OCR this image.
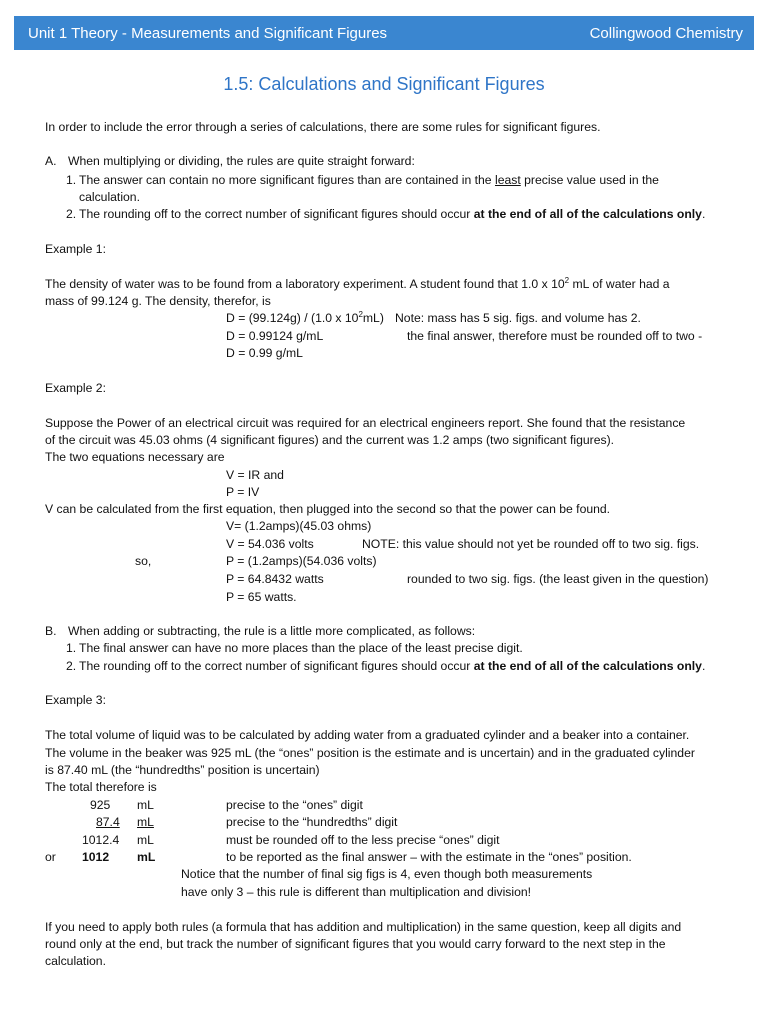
Unit 1 Theory - Measurements and Significant Figures	Collingwood Chemistry
1.5: Calculations and Significant Figures
In order to include the error through a series of calculations, there are some rules for significant figures.
A. When multiplying or dividing, the rules are quite straight forward:
1. The answer can contain no more significant figures than are contained in the least precise value used in the
calculation.
2. The rounding off to the correct number of significant figures should occur at the end of all of the calculations only.
Example 1:
The density of water was to be found from a laboratory experiment. A student found that 1.0 x $10^2$ mL of water had a
mass of 99.124 g. The density, therefor, is
D = (99.124g) / (1.0 x $10^2mL$) Note: mass has 5 sig. figs. and volume has 2.
D = 0.99124 g/mL	the final answer, therefore must be rounded off to two -
D = 0.99 g/mL
Example 2:
Suppose the Power of an electrical circuit was required for an electrical engineers report. She found that the resistance
of the circuit was 45.03 ohms (4 significant figures) and the current was 1.2 amps (two significant figures).
The two equations necessary are
V = IR and
P = IV
V can be calculated from the first equation, then plugged into the second so that the power can be found.
V= (1.2amps)(45.03 ohms)
V = 54.036 volts	NOTE: this value should not yet be rounded off to two sig. figs.
so,	P = (1.2amps)(54.036 volts)
P = 64.8432 watts	rounded to two sig. figs. (the least given in the question)
P = 65 watts.
B. When adding or subtracting, the rule is a little more complicated, as follows:
1. The final answer can have no more places than the place of the least precise digit.
2. The rounding off to the correct number of significant figures should occur at the end of all of the calculations only.
Example 3:
The total volume of liquid was to be calculated by adding water from a graduated cylinder and a beaker into a container.
The volume in the beaker was 925 mL (the “ones” position is the estimate and is uncertain) and in the graduated cylinder
is 87.40 mL (the “hundredths” position is uncertain)
The total therefore is
925 mL	precise to the “ones” digit
87.4 mL	precise to the “hundredths” digit
1012.4 mL	must be rounded off to the less precise “ones” digit
or 1012 mL	to be reported as the final answer – with the estimate in the “ones” position.
Notice that the number of final sig figs is 4, even though both measurements
have only 3 – this rule is different than multiplication and division!
If you need to apply both rules (a formula that has addition and multiplication) in the same question, keep all digits and
round only at the end, but track the number of significant figures that you would carry forward to the next step in the
calculation.
